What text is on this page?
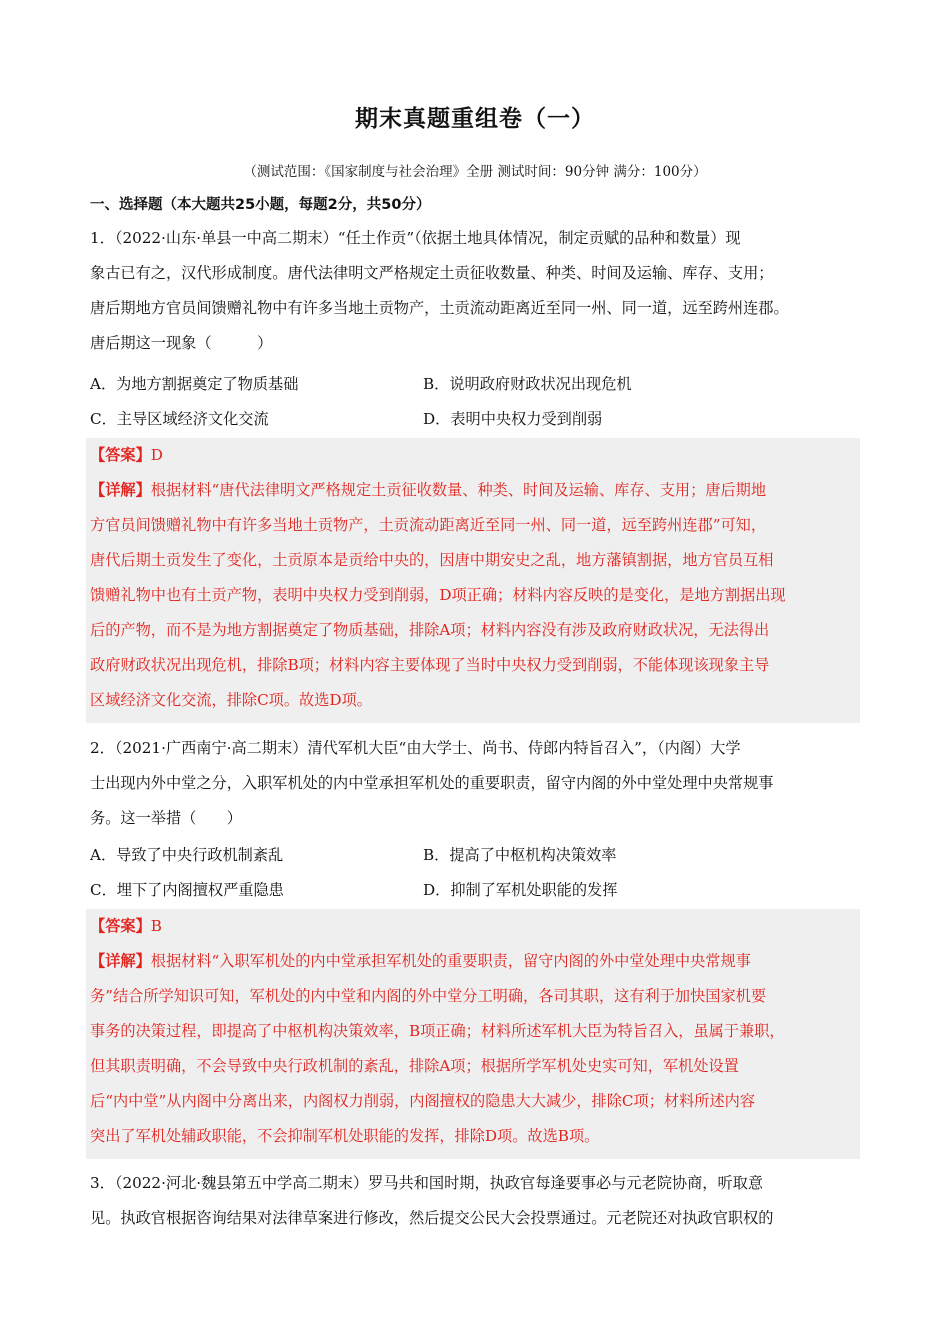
期末真题重组卷（一）
（测试范围：《国家制度与社会治理》全册 测试时间：90分钟 满分：100分）
一、选择题（本大题共25小题，每题2分，共50分）
1．（2022·山东·单县一中高二期末）“任土作贡”（依据土地具体情况，制定贡赋的品种和数量）现
象古已有之，汉代形成制度。唐代法律明文严格规定土贡征收数量、种类、时间及运输、库存、支用；
唐后期地方官员间馈赠礼物中有许多当地土贡物产，土贡流动距离近至同一州、同一道，远至跨州连郡。
唐后期这一现象（　　　）
A．为地方割据奠定了物质基础	B．说明政府财政状况出现危机
C．主导区域经济文化交流	D．表明中央权力受到削弱
【答案】D
【详解】根据材料“唐代法律明文严格规定土贡征收数量、种类、时间及运输、库存、支用；唐后期地
方官员间馈赠礼物中有许多当地土贡物产，土贡流动距离近至同一州、同一道，远至跨州连郡”可知，
唐代后期土贡发生了变化，土贡原本是贡给中央的，因唐中期安史之乱，地方藩镇割据，地方官员互相
馈赠礼物中也有土贡产物，表明中央权力受到削弱，D项正确；材料内容反映的是变化，是地方割据出现
后的产物，而不是为地方割据奠定了物质基础，排除A项；材料内容没有涉及政府财政状况，无法得出
政府财政状况出现危机，排除B项；材料内容主要体现了当时中央权力受到削弱，不能体现该现象主导
区域经济文化交流，排除C项。故选D项。
2．（2021·广西南宁·高二期末）清代军机大臣“由大学士、尚书、侍郎内特旨召入”，（内阁）大学
士出现内外中堂之分，入职军机处的内中堂承担军机处的重要职责，留守内阁的外中堂处理中央常规事
务。这一举措（　　）
A．导致了中央行政机制紊乱	B．提高了中枢机构决策效率
C．埋下了内阁擅权严重隐患	D．抑制了军机处职能的发挥
【答案】B
【详解】根据材料“入职军机处的内中堂承担军机处的重要职责，留守内阁的外中堂处理中央常规事
务”结合所学知识可知，军机处的内中堂和内阁的外中堂分工明确，各司其职，这有利于加快国家机要
事务的决策过程，即提高了中枢机构决策效率，B项正确；材料所述军机大臣为特旨召入，虽属于兼职，
但其职责明确，不会导致中央行政机制的紊乱，排除A项；根据所学军机处史实可知，军机处设置
后“内中堂”从内阁中分离出来，内阁权力削弱，内阁擅权的隐患大大减少，排除C项；材料所述内容
突出了军机处辅政职能，不会抑制军机处职能的发挥，排除D项。故选B项。
3．（2022·河北·魏县第五中学高二期末）罗马共和国时期，执政官每逢要事必与元老院协商，听取意
见。执政官根据咨询结果对法律草案进行修改，然后提交公民大会投票通过。元老院还对执政官职权的
